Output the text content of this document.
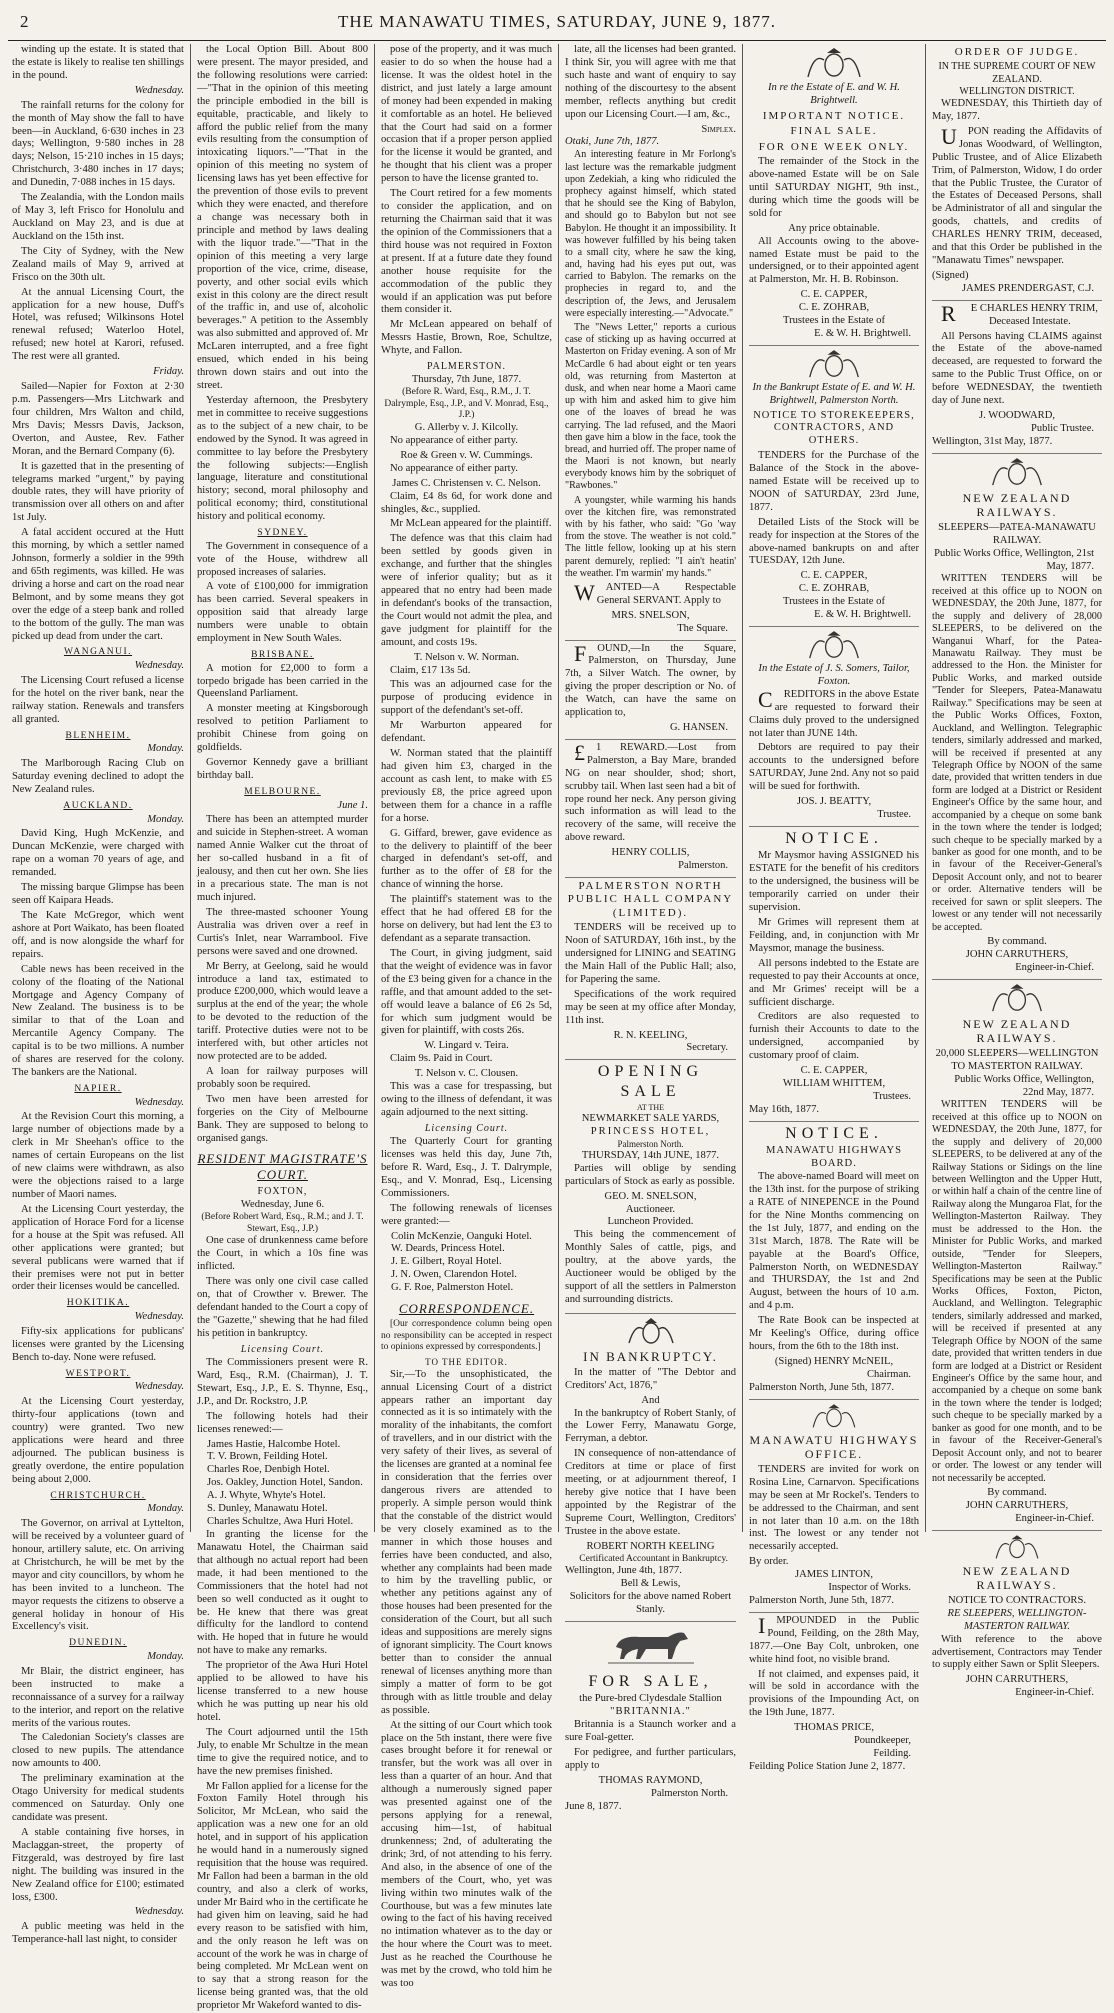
2	THE MANAWATU TIMES, SATURDAY, JUNE 9, 1877.

winding up the estate. It is stated that the estate is likely to realise ten shillings in the pound.

Wednesday.

The rainfall returns for the colony for the month of May show the fall to have been—in Auckland, 6·630 inches in 23 days; Wellington, 9·580 inches in 28 days; Nelson, 15·210 inches in 15 days; Christchurch, 3·480 inches in 17 days; and Dunedin, 7·088 inches in 15 days.

The Zealandia, with the London mails of May 3, left Frisco for Honolulu and Auckland on May 23, and is due at Auckland on the 15th inst.

The City of Sydney, with the New Zealand mails of May 9, arrived at Frisco on the 30th ult.

At the annual Licensing Court, the application for a new house, Duff's Hotel, was refused; Wilkinsons Hotel renewal refused; Waterloo Hotel, refused; new hotel at Karori, refused. The rest were all granted.

Friday.

Sailed—Napier for Foxton at 2·30 p.m. Passengers—Mrs Litchwark and four children, Mrs Walton and child, Mrs Davis; Messrs Davis, Jackson, Overton, and Austee, Rev. Father Moran, and the Bernard Company (6).

It is gazetted that in the presenting of telegrams marked "urgent," by paying double rates, they will have priority of transmission over all others on and after 1st July.

A fatal accident occured at the Hutt this morning, by which a settler named Johnson, formerly a soldier in the 99th and 65th regiments, was killed. He was driving a horse and cart on the road near Belmont, and by some means they got over the edge of a steep bank and rolled to the bottom of the gully. The man was picked up dead from under the cart.

WANGANUI.

Wednesday.

The Licensing Court refused a license for the hotel on the river bank, near the railway station. Renewals and transfers all granted.

BLENHEIM.

Monday.

The Marlborough Racing Club on Saturday evening declined to adopt the New Zealand rules.

AUCKLAND.

Monday.

David King, Hugh McKenzie, and Duncan McKenzie, were charged with rape on a woman 70 years of age, and remanded.

The missing barque Glimpse has been seen off Kaipara Heads.

The Kate McGregor, which went ashore at Port Waikato, has been floated off, and is now alongside the wharf for repairs.

Cable news has been received in the colony of the floating of the National Mortgage and Agency Company of New Zealand. The business is to be similar to that of the Loan and Mercantile Agency Company. The capital is to be two millions. A number of shares are reserved for the colony. The bankers are the National.

NAPIER.

Wednesday.

At the Revision Court this morning, a large number of objections made by a clerk in Mr Sheehan's office to the names of certain Europeans on the list of new claims were withdrawn, as also were the objections raised to a large number of Maori names.

At the Licensing Court yesterday, the application of Horace Ford for a license for a house at the Spit was refused. All other applications were granted; but several publicans were warned that if their premises were not put in better order their licenses would be cancelled.

HOKITIKA.

Wednesday.

Fifty-six applications for publicans' licenses were granted by the Licensing Bench to-day. None were refused.

WESTPORT.

Wednesday.

At the Licensing Court yesterday, thirty-four applications (town and country) were granted. Two new applications were heard and three adjourned. The publican business is greatly overdone, the entire population being about 2,000.

CHRISTCHURCH.

Monday.

The Governor, on arrival at Lyttelton, will be received by a volunteer guard of honour, artillery salute, etc. On arriving at Christchurch, he will be met by the mayor and city councillors, by whom he has been invited to a luncheon. The mayor requests the citizens to observe a general holiday in honour of His Excellency's visit.

DUNEDIN.

Monday.

Mr Blair, the district engineer, has been instructed to make a reconnaissance of a survey for a railway to the interior, and report on the relative merits of the various routes.

The Caledonian Society's classes are closed to new pupils. The attendance now amounts to 400.

The preliminary examination at the Otago University for medical students commenced on Saturday. Only one candidate was present.

A stable containing five horses, in Maclaggan-street, the property of Fitzgerald, was destroyed by fire last night. The building was insured in the New Zealand office for £100; estimated loss, £300.

Wednesday.

A public meeting was held in the Temperance-hall last night, to consider

the Local Option Bill. About 800 were present. The mayor presided, and the following resolutions were carried:—"That in the opinion of this meeting the principle embodied in the bill is equitable, practicable, and likely to afford the public relief from the many evils resulting from the consumption of intoxicating liquors."—"That in the opinion of this meeting no system of licensing laws has yet been effective for the prevention of those evils to prevent which they were enacted, and therefore a change was necessary both in principle and method by laws dealing with the liquor trade."—"That in the opinion of this meeting a very large proportion of the vice, crime, disease, poverty, and other social evils which exist in this colony are the direct result of the traffic in, and use of, alcoholic beverages." A petition to the Assembly was also submitted and approved of. Mr McLaren interrupted, and a free fight ensued, which ended in his being thrown down stairs and out into the street.

Yesterday afternoon, the Presbytery met in committee to receive suggestions as to the subject of a new chair, to be endowed by the Synod. It was agreed in committee to lay before the Presbytery the following subjects:—English language, literature and constitutional history; second, moral philosophy and political economy; third, constitutional history and political economy.

SYDNEY.

The Government in consequence of a vote of the House, withdrew all proposed increases of salaries.

A vote of £100,000 for immigration has been carried. Several speakers in opposition said that already large numbers were unable to obtain employment in New South Wales.

BRISBANE.

A motion for £2,000 to form a torpedo brigade has been carried in the Queensland Parliament.

A monster meeting at Kingsborough resolved to petition Parliament to prohibit Chinese from going on goldfields.

Governor Kennedy gave a brilliant birthday ball.

MELBOURNE.

June 1.

There has been an attempted murder and suicide in Stephen-street. A woman named Annie Walker cut the throat of her so-called husband in a fit of jealousy, and then cut her own. She lies in a precarious state. The man is not much injured.

The three-masted schooner Young Australia was driven over a reef in Curtis's Inlet, near Warrambool. Five persons were saved and one drowned.

Mr Berry, at Geelong, said he would introduce a land tax, estimated to produce £200,000, which would leave a surplus at the end of the year; the whole to be devoted to the reduction of the tariff. Protective duties were not to be interfered with, but other articles not now protected are to be added.

A loan for railway purposes will probably soon be required.

Two men have been arrested for forgeries on the City of Melbourne Bank. They are supposed to belong to organised gangs.

RESIDENT MAGISTRATE'S COURT.
FOXTON,
Wednesday, June 6.
(Before Robert Ward, Esq., R.M.; and J. T. Stewart, Esq., J.P.)

One case of drunkenness came before the Court, in which a 10s fine was inflicted.

There was only one civil case called on, that of Crowther v. Brewer. The defendant handed to the Court a copy of the "Gazette," shewing that he had filed his petition in bankruptcy.

Licensing Court.

The Commissioners present were R. Ward, Esq., R.M. (Chairman), J. T. Stewart, Esq., J.P., E. S. Thynne, Esq., J.P., and Dr. Rockstro, J.P.

The following hotels had their licenses renewed:—

James Hastie, Halcombe Hotel.
T. V. Brown, Feilding Hotel.
Charles Roe, Denbigh Hotel.
Jos. Oakley, Junction Hotel, Sandon.
A. J. Whyte, Whyte's Hotel.
S. Dunley, Manawatu Hotel.
Charles Schultze, Awa Huri Hotel.

In granting the license for the Manawatu Hotel, the Chairman said that although no actual report had been made, it had been mentioned to the Commissioners that the hotel had not been so well conducted as it ought to be. He knew that there was great difficulty for the landlord to contend with. He hoped that in future he would not have to make any remarks.

The proprietor of the Awa Huri Hotel applied to be allowed to have his license transferred to a new house which he was putting up near his old hotel.

The Court adjourned until the 15th July, to enable Mr Schultze in the mean time to give the required notice, and to have the new premises finished.

Mr Fallon applied for a license for the Foxton Family Hotel through his Solicitor, Mr McLean, who said the application was a new one for an old hotel, and in support of his application he would hand in a numerously signed requisition that the house was required. Mr Fallon had been a barman in the old country, and also a clerk of works, under Mr Baird who in the certificate he had given him on leaving, said he had every reason to be satisfied with him, and the only reason he left was on account of the work he was in charge of being completed. Mr McLean went on to say that a strong reason for the license being granted was, that the old proprietor Mr Wakeford wanted to dis-

pose of the property, and it was much easier to do so when the house had a license. It was the oldest hotel in the district, and just lately a large amount of money had been expended in making it comfortable as an hotel. He believed that the Court had said on a former occasion that if a proper person applied for the license it would be granted, and he thought that his client was a proper person to have the license granted to.

The Court retired for a few moments to consider the application, and on returning the Chairman said that it was the opinion of the Commissioners that a third house was not required in Foxton at present. If at a future date they found another house requisite for the accommodation of the public they would if an application was put before them consider it.

Mr McLean appeared on behalf of Messrs Hastie, Brown, Roe, Schultze, Whyte, and Fallon.

PALMERSTON.
Thursday, 7th June, 1877.
(Before R. Ward, Esq., R.M., J. T. Dalrymple, Esq., J.P., and V. Monrad, Esq., J.P.)
G. Allerby v. J. Kilcolly.

No appearance of either party.

Roe & Green v. W. Cummings.

No appearance of either party.

James C. Christensen v. C. Nelson.

Claim, £4 8s 6d, for work done and shingles, &c., supplied.

Mr McLean appeared for the plaintiff.

The defence was that this claim had been settled by goods given in exchange, and further that the shingles were of inferior quality; but as it appeared that no entry had been made in defendant's books of the transaction, the Court would not admit the plea, and gave judgment for plaintiff for the amount, and costs 19s.

T. Nelson v. W. Norman.

Claim, £17 13s 5d.

This was an adjourned case for the purpose of producing evidence in support of the defendant's set-off.

Mr Warburton appeared for defendant.

W. Norman stated that the plaintiff had given him £3, charged in the account as cash lent, to make with £5 previously £8, the price agreed upon between them for a chance in a raffle for a horse.

G. Giffard, brewer, gave evidence as to the delivery to plaintiff of the beer charged in defendant's set-off, and further as to the offer of £8 for the chance of winning the horse.

The plaintiff's statement was to the effect that he had offered £8 for the horse on delivery, but had lent the £3 to defendant as a separate transaction.

The Court, in giving judgment, said that the weight of evidence was in favor of the £3 being given for a chance in the raffle, and that amount added to the set-off would leave a balance of £6 2s 5d, for which sum judgment would be given for plaintiff, with costs 26s.

W. Lingard v. Teira.

Claim 9s. Paid in Court.

T. Nelson v. C. Clousen.

This was a case for trespassing, but owing to the illness of defendant, it was again adjourned to the next sitting.

Licensing Court.

The Quarterly Court for granting licenses was held this day, June 7th, before R. Ward, Esq., J. T. Dalrymple, Esq., and V. Monrad, Esq., Licensing Commissioners.

The following renewals of licenses were granted:—

Colin McKenzie, Oanguki Hotel.
W. Deards, Princess Hotel.
J. E. Gilbert, Royal Hotel.
J. N. Owen, Clarendon Hotel.
G. F. Roe, Palmerston Hotel.
CORRESPONDENCE.

[Our correspondence column being open no responsibility can be accepted in respect to opinions expressed by correspondents.]

TO THE EDITOR.

Sir,—To the unsophisticated, the annual Licensing Court of a district appears rather an important day connected as it is so intimately with the morality of the inhabitants, the comfort of travellers, and in our district with the very safety of their lives, as several of the licenses are granted at a nominal fee in consideration that the ferries over dangerous rivers are attended to properly. A simple person would think that the constable of the district would be very closely examined as to the manner in which those houses and ferries have been conducted, and also, whether any complaints had been made to him by the travelling public, or whether any petitions against any of those houses had been presented for the consideration of the Court, but all such ideas and suppositions are merely signs of ignorant simplicity. The Court knows better than to consider the annual renewal of licenses anything more than simply a matter of form to be got through with as little trouble and delay as possible.

At the sitting of our Court which took place on the 5th instant, there were five cases brought before it for renewal or transfer, but the work was all over in less than a quarter of an hour. And that although a numerously signed paper was presented against one of the persons applying for a renewal, accusing him—1st, of habitual drunkenness; 2nd, of adulterating the drink; 3rd, of not attending to his ferry. And also, in the absence of one of the members of the Court, who, yet was living within two minutes walk of the Courthouse, but was a few minutes late owing to the fact of his having received no intimation whatever as to the day or the hour where the Court was to meet. Just as he reached the Courthouse he was met by the crowd, who told him he was too

late, all the licenses had been granted. I think Sir, you will agree with me that such haste and want of enquiry to say nothing of the discourtesy to the absent member, reflects anything but credit upon our Licensing Court.—I am, &c.,

Simplex.
Otaki, June 7th, 1877.

An interesting feature in Mr Forlong's last lecture was the remarkable judgment upon Zedekiah, a king who ridiculed the prophecy against himself, which stated that he should see the King of Babylon, and should go to Babylon but not see Babylon. He thought it an impossibility. It was however fulfilled by his being taken to a small city, where he saw the king, and, having had his eyes put out, was carried to Babylon. The remarks on the prophecies in regard to, and the description of, the Jews, and Jerusalem were especially interesting.—"Advocate."

The "News Letter," reports a curious case of sticking up as having occurred at Masterton on Friday evening. A son of Mr McCardle 6 had about eight or ten years old, was returning from Masterton at dusk, and when near home a Maori came up with him and asked him to give him one of the loaves of bread he was carrying. The lad refused, and the Maori then gave him a blow in the face, took the bread, and hurried off. The proper name of the Maori is not known, but nearly everybody knows him by the sobriquet of "Rawbones."

A youngster, while warming his hands over the kitchen fire, was remonstrated with by his father, who said: "Go 'way from the stove. The weather is not cold." The little fellow, looking up at his stern parent demurely, replied: "I ain't heatin' the weather. I'm warmin' my hands."

WANTED—A Respectable General SERVANT. Apply to

MRS. SNELSON,
The Square.

FOUND,—In the Square, Palmerston, on Thursday, June 7th, a Silver Watch. The owner, by giving the proper description or No. of the Watch, can have the same on application to,

G. HANSEN.

£1 REWARD.—Lost from Palmerston, a Bay Mare, branded NG on near shoulder, shod; short, scrubby tail. When last seen had a bit of rope round her neck. Any person giving such information as will lead to the recovery of the same, will receive the above reward.

HENRY COLLIS,
Palmerston.
PALMERSTON NORTH PUBLIC HALL COMPANY (LIMITED).

TENDERS will be received up to Noon of SATURDAY, 16th inst., by the undersigned for LINING and SEATING the Main Hall of the Public Hall; also, for Papering the same.

Specifications of the work required may be seen at my office after Monday, 11th inst.

R. N. KEELING,
Secretary.
OPENING SALE
AT THE
NEWMARKET SALE YARDS,
PRINCESS HOTEL,
Palmerston North.
THURSDAY, 14th JUNE, 1877.

Parties will oblige by sending particulars of Stock as early as possible.

GEO. M. SNELSON,
Auctioneer.
Luncheon Provided.

This being the commencement of Monthly Sales of cattle, pigs, and poultry, at the above yards, the Auctioneer would be obliged by the support of all the settlers in Palmerston and surrounding districts.

IN BANKRUPTCY.

In the matter of "The Debtor and Creditors' Act, 1876,"

And

In the bankruptcy of Robert Stanly, of the Lower Ferry, Manawatu Gorge, Ferryman, a debtor.

IN consequence of non-attendance of Creditors at time or place of first meeting, or at adjournment thereof, I hereby give notice that I have been appointed by the Registrar of the Supreme Court, Wellington, Creditors' Trustee in the above estate.

ROBERT NORTH KEELING
Certificated Accountant in Bankruptcy.
Wellington, June 4th, 1877.
Bell & Lewis,
Solicitors for the above named Robert Stanly.
FOR SALE,
the Pure-bred Clydesdale Stallion
"BRITANNIA."

Britannia is a Staunch worker and a sure Foal-getter.

For pedigree, and further particulars, apply to

THOMAS RAYMOND,
Palmerston North.
June 8, 1877.
In re the Estate of E. and W. H. Brightwell.
IMPORTANT NOTICE.
FINAL SALE.
FOR ONE WEEK ONLY.

The remainder of the Stock in the above-named Estate will be on Sale until SATURDAY NIGHT, 9th inst., during which time the goods will be sold for

Any price obtainable.

All Accounts owing to the above-named Estate must be paid to the undersigned, or to their appointed agent at Palmerston, Mr. H. B. Robinson.

C. E. CAPPER,
C. E. ZOHRAB,
Trustees in the Estate of
E. & W. H. Brightwell.
In the Bankrupt Estate of E. and W. H. Brightwell, Palmerston North.
NOTICE TO STOREKEEPERS, CONTRACTORS, AND OTHERS.

TENDERS for the Purchase of the Balance of the Stock in the above-named Estate will be received up to NOON of SATURDAY, 23rd June, 1877.

Detailed Lists of the Stock will be ready for inspection at the Stores of the above-named bankrupts on and after TUESDAY, 12th June.

C. E. CAPPER,
C. E. ZOHRAB,
Trustees in the Estate of
E. & W. H. Brightwell.
In the Estate of J. S. Somers, Tailor, Foxton.

CREDITORS in the above Estate are requested to forward their Claims duly proved to the undersigned not later than JUNE 14th.

Debtors are required to pay their accounts to the undersigned before SATURDAY, June 2nd. Any not so paid will be sued for forthwith.

JOS. J. BEATTY,
Trustee.
NOTICE.

Mr Maysmor having ASSIGNED his ESTATE for the benefit of his creditors to the undersigned, the business will be temporarily carried on under their supervision.

Mr Grimes will represent them at Feilding, and, in conjunction with Mr Maysmor, manage the business.

All persons indebted to the Estate are requested to pay their Accounts at once, and Mr Grimes' receipt will be a sufficient discharge.

Creditors are also requested to furnish their Accounts to date to the undersigned, accompanied by customary proof of claim.

C. E. CAPPER,
WILLIAM WHITTEM,
Trustees.
May 16th, 1877.
NOTICE.
MANAWATU HIGHWAYS BOARD.

The above-named Board will meet on the 13th inst. for the purpose of striking a RATE of NINEPENCE in the Pound for the Nine Months commencing on the 1st July, 1877, and ending on the 31st March, 1878. The Rate will be payable at the Board's Office, Palmerston North, on WEDNESDAY and THURSDAY, the 1st and 2nd August, between the hours of 10 a.m. and 4 p.m.

The Rate Book can be inspected at Mr Keeling's Office, during office hours, from the 6th to the 18th inst.

(Signed) HENRY McNEIL,
Chairman.
Palmerston North, June 5th, 1877.
MANAWATU HIGHWAYS OFFICE.

TENDERS are invited for work on Rosina Line, Carnarvon. Specifications may be seen at Mr Rockel's. Tenders to be addressed to the Chairman, and sent in not later than 10 a.m. on the 18th inst. The lowest or any tender not necessarily accepted.

By order.
JAMES LINTON,
Inspector of Works.
Palmerston North, June 5th, 1877.

IMPOUNDED in the Public Pound, Feilding, on the 28th May, 1877.—One Bay Colt, unbroken, one white hind foot, no visible brand.

If not claimed, and expenses paid, it will be sold in accordance with the provisions of the Impounding Act, on the 19th June, 1877.

THOMAS PRICE,
Poundkeeper,
Feilding.
Feilding Police Station June 2, 1877.
ORDER OF JUDGE.
IN THE SUPREME COURT OF NEW ZEALAND.
WELLINGTON DISTRICT.

WEDNESDAY, this Thirtieth day of May, 1877.

UPON reading the Affidavits of Jonas Woodward, of Wellington, Public Trustee, and of Alice Elizabeth Trim, of Palmerston, Widow, I do order that the Public Trustee, the Curator of the Estates of Deceased Persons, shall be Administrator of all and singular the goods, chattels, and credits of CHARLES HENRY TRIM, deceased, and that this Order be published in the "Manawatu Times" newspaper.

(Signed)
JAMES PRENDERGAST, C.J.

RE CHARLES HENRY TRIM, Deceased Intestate.

All Persons having CLAIMS against the Estate of the above-named deceased, are requested to forward the same to the Public Trust Office, on or before WEDNESDAY, the twentieth day of June next.

J. WOODWARD,
Public Trustee.
Wellington, 31st May, 1877.
NEW ZEALAND RAILWAYS.
SLEEPERS—PATEA-MANAWATU RAILWAY.
Public Works Office, Wellington, 21st May, 1877.

WRITTEN TENDERS will be received at this office up to NOON on WEDNESDAY, the 20th June, 1877, for the supply and delivery of 28,000 SLEEPERS, to be delivered on the Wanganui Wharf, for the Patea-Manawatu Railway. They must be addressed to the Hon. the Minister for Public Works, and marked outside "Tender for Sleepers, Patea-Manawatu Railway." Specifications may be seen at the Public Works Offices, Foxton, Auckland, and Wellington. Telegraphic tenders, similarly addressed and marked, will be received if presented at any Telegraph Office by NOON of the same date, provided that written tenders in due form are lodged at a District or Resident Engineer's Office by the same hour, and accompanied by a cheque on some bank in the town where the tender is lodged; such cheque to be specially marked by a banker as good for one month, and to be in favour of the Receiver-General's Deposit Account only, and not to bearer or order. Alternative tenders will be received for sawn or split sleepers. The lowest or any tender will not necessarily be accepted.

By command.
JOHN CARRUTHERS,
Engineer-in-Chief.
NEW ZEALAND RAILWAYS.
20,000 SLEEPERS—WELLINGTON TO MASTERTON RAILWAY.
Public Works Office, Wellington, 22nd May, 1877.

WRITTEN TENDERS will be received at this office up to NOON on WEDNESDAY, the 20th June, 1877, for the supply and delivery of 20,000 SLEEPERS, to be delivered at any of the Railway Stations or Sidings on the line between Wellington and the Upper Hutt, or within half a chain of the centre line of Railway along the Mungaroa Flat, for the Wellington-Masterton Railway. They must be addressed to the Hon. the Minister for Public Works, and marked outside, "Tender for Sleepers, Wellington-Masterton Railway." Specifications may be seen at the Public Works Offices, Foxton, Picton, Auckland, and Wellington. Telegraphic tenders, similarly addressed and marked, will be received if presented at any Telegraph Office by NOON of the same date, provided that written tenders in due form are lodged at a District or Resident Engineer's Office by the same hour, and accompanied by a cheque on some bank in the town where the tender is lodged; such cheque to be specially marked by a banker as good for one month, and to be in favour of the Receiver-General's Deposit Account only, and not to bearer or order. The lowest or any tender will not necessarily be accepted.

By command.
JOHN CARRUTHERS,
Engineer-in-Chief.
NEW ZEALAND RAILWAYS.
NOTICE TO CONTRACTORS.
RE SLEEPERS, WELLINGTON-MASTERTON RAILWAY.

With reference to the above advertisement, Contractors may Tender to supply either Sawn or Split Sleepers.

JOHN CARRUTHERS,
Engineer-in-Chief.
